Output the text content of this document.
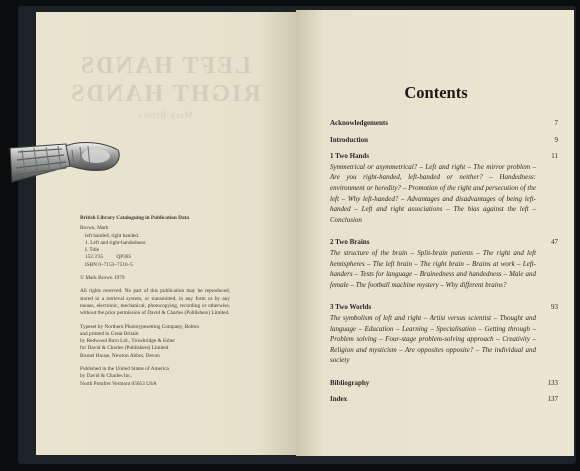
LEFT HANDS
RIGHT HANDS
Mark Brown
British Library Cataloguing in Publication Data
Brown, Mark
left handed, right handed.
1. Left and right-handedness
I. Title
152.3'35          QP385
ISBN 0–7153–7510–5
© Mark Brown 1979
All rights reserved. No part of this publication may be reproduced, stored in a retrieval system, or transmitted, in any form or by any means, electronic, mechanical, photocopying, recording or otherwise, without the prior permission of David & Charles (Publishers) Limited.
Typeset by Northern Phototypesetting Company, Bolton
and printed in Great Britain
by Redwood Burn Ltd., Trowbridge & Esher
for David & Charles (Publishers) Limited
Brunel House, Newton Abbot, Devon
Published in the United States of America
by David & Charles Inc.
North Pomfret Vermont 05053 USA
Contents
Acknowledgements	7
Introduction	9
1 Two Hands	11
Symmetrical or asymmetrical? – Left and right – The mirror problem – Are you right-handed, left-handed or neither? – Handedness: environment or heredity? – Promotion of the right and persecution of the left – Why left-handed? – Advantages and disadvantages of being left-handed – Left and right associations – The bias against the left – Conclusion
2 Two Brains	47
The structure of the brain – Split-brain patients – The right and left hemispheres – The left brain – The right brain – Brains at work – Left-handers – Tests for language – Brainedness and handedness – Male and female – The football machine mystery – Why different brains?
3 Two Worlds	93
The symbolism of left and right – Artist versus scientist – Thought and language – Education – Learning – Specialisation – Getting through – Problem solving – Four-stage problem-solving approach – Creativity – Religion and mysticism – Are opposites opposite? – The individual and society
Bibliography	133
Index	137
